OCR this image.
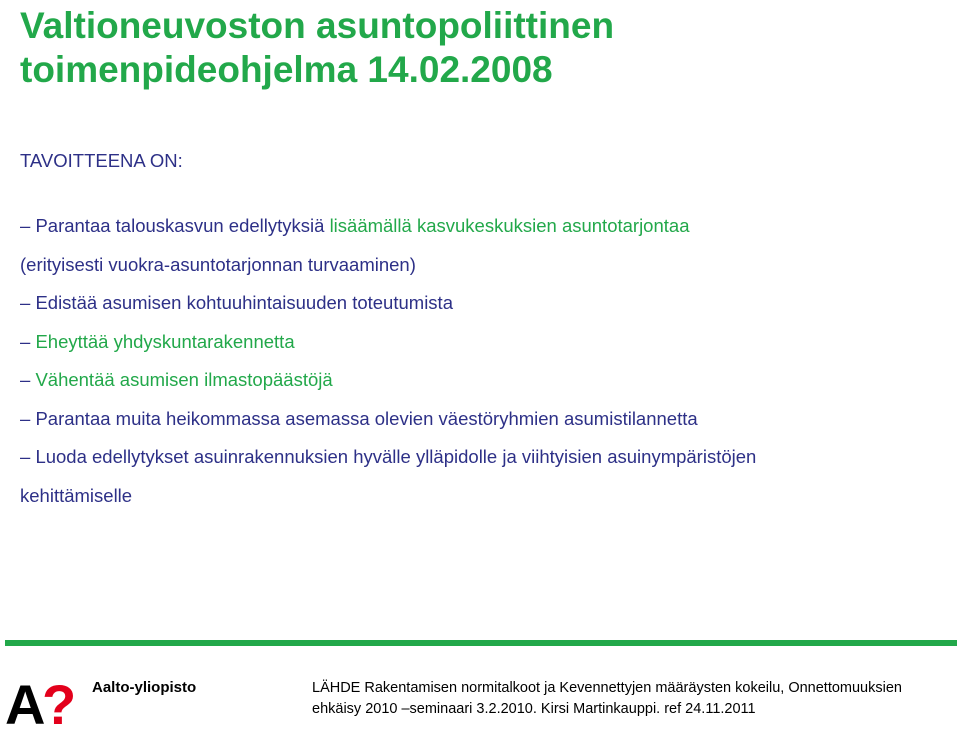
Valtioneuvoston asuntopoliittinen
toimenpideohjelma 14.02.2008
TAVOITTEENA ON:
– Parantaa talouskasvun edellytyksiä lisäämällä kasvukeskuksien asuntotarjontaa
(erityisesti vuokra-asuntotarjonnan turvaaminen)
– Edistää asumisen kohtuuhintaisuuden toteutumista
– Eheyttää yhdyskuntarakennetta
– Vähentää asumisen ilmastopäästöjä
– Parantaa muita heikommassa asemassa olevien väestöryhmien asumistilannetta
– Luoda edellytykset asuinrakennuksien hyvälle ylläpidolle ja viihtyisien asuinympäristöjen
kehittämiselle
A
? Aalto-yliopisto	LÄHDE Rakentamisen normitalkoot ja Kevennettyjen määräysten kokeilu, Onnettomuuksien
ehkäisy 2010 –seminaari 3.2.2010. Kirsi Martinkauppi. ref 24.11.2011
